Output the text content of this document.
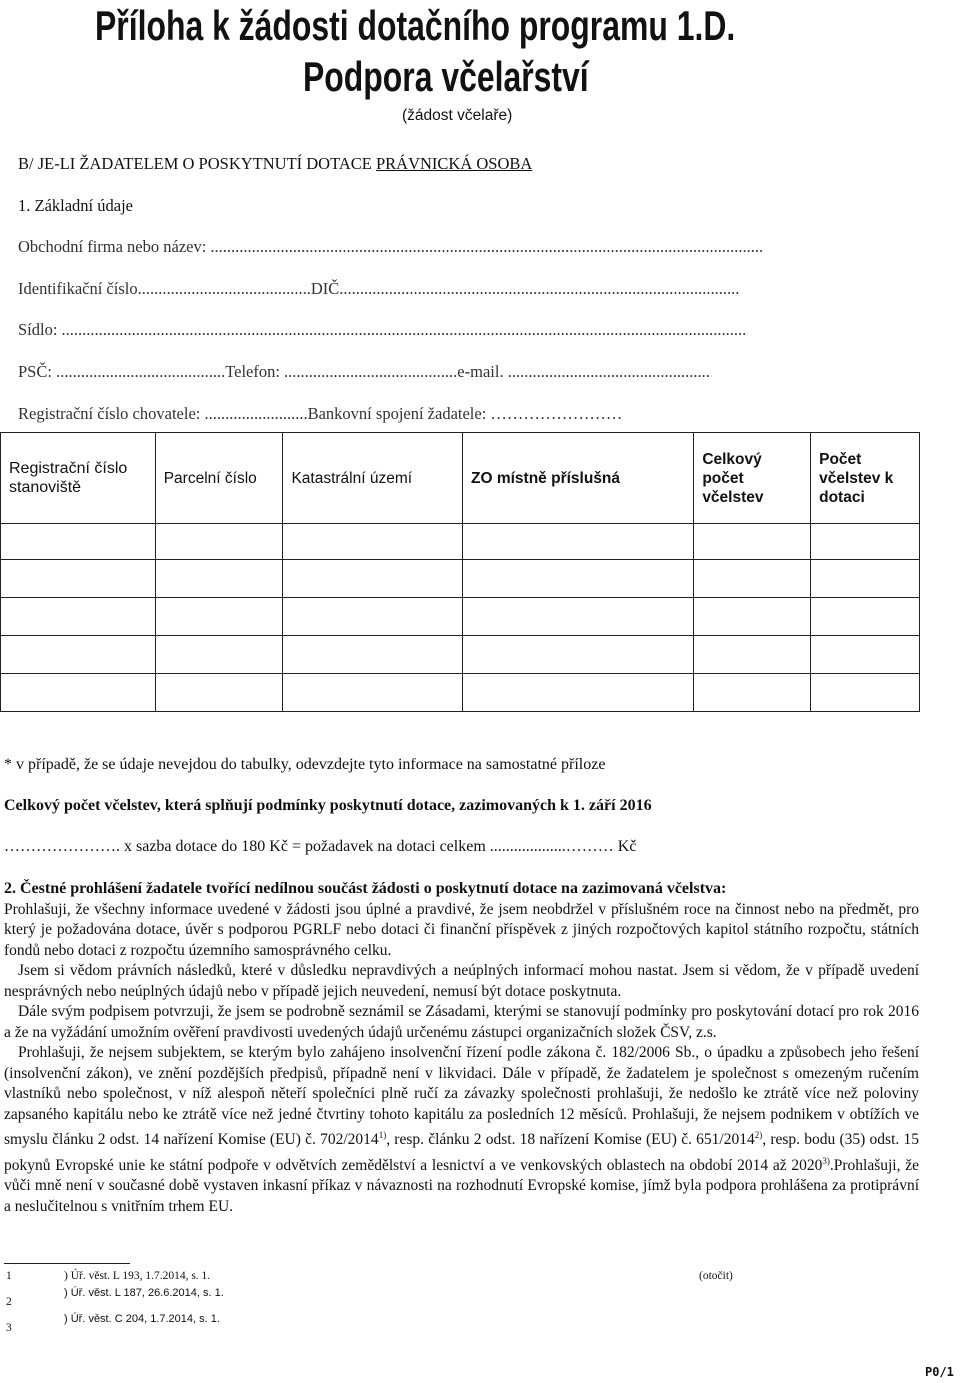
Příloha k žádosti dotačního programu 1.D.
Podpora včelařství
(žádost včelaře)
B/ JE-LI ŽADATELEM O POSKYTNUTÍ DOTACE PRÁVNICKÁ OSOBA
1. Základní údaje
Obchodní firma nebo název: ......................................................................................................................................
Identifikační číslo..........................................DIČ.................................................................................................
Sídlo: ......................................................................................................................................................................
PSČ: .........................................Telefon: ..........................................e-mail. .................................................
Registrační číslo chovatele: .........................Bankovní spojení žadatele: ……………………
Registrační číslo stanoviště	Parcelní číslo	Katastrální území	ZO místně příslušná	Celkový počet včelstev	Počet včelstev k dotaci

* v případě, že se údaje nevejdou do tabulky, odevzdejte tyto informace na samostatné příloze
Celkový počet včelstev, která splňují podmínky poskytnutí dotace, zazimovaných k 1. září 2016
…………………. x sazba dotace do 180 Kč = požadavek na dotaci celkem ...................……… Kč

2. Čestné prohlášení žadatele tvořící nedílnou součást žádosti o poskytnutí dotace na zazimovaná včelstva:

Prohlašuji, že všechny informace uvedené v žádosti jsou úplné a pravdivé, že jsem neobdržel v příslušném roce na činnost nebo na předmět, pro který je požadována dotace, úvěr s podporou PGRLF nebo dotaci či finanční příspěvek z jiných rozpočtových kapitol státního rozpočtu, státních fondů nebo dotaci z rozpočtu územního samosprávného celku.

Jsem si vědom právních následků, které v důsledku nepravdivých a neúplných informací mohou nastat. Jsem si vědom, že v případě uvedení nesprávných nebo neúplných údajů nebo v případě jejich neuvedení, nemusí být dotace poskytnuta.

Dále svým podpisem potvrzuji, že jsem se podrobně seznámil se Zásadami, kterými se stanovují podmínky pro poskytování dotací pro rok 2016 a že na vyžádání umožním ověření pravdivosti uvedených údajů určenému zástupci organizačních složek ČSV, z.s.

Prohlašuji, že nejsem subjektem, se kterým bylo zahájeno insolvenční řízení podle zákona č. 182/2006 Sb., o úpadku a způsobech jeho řešení (insolvenční zákon), ve znění pozdějších předpisů, případně není v likvidaci. Dále v případě, že žadatelem je společnost s omezeným ručením vlastníků nebo společnost, v níž alespoň něteří společníci plně ručí za závazky společnosti prohlašuji, že nedošlo ke ztrátě více než poloviny zapsaného kapitálu nebo ke ztrátě více než jedné čtvrtiny tohoto kapitálu za posledních 12 měsíců. Prohlašuji, že nejsem podnikem v obtížích ve smyslu článku 2 odst. 14 nařízení Komise (EU) č. 702/2014$^{1)}$, resp. článku 2 odst. 18 nařízení Komise (EU) č. 651/2014$^{2)}$, resp. bodu (35) odst. 15 pokynů Evropské unie ke státní podpoře v odvětvích zemědělství a lesnictví a ve venkovských oblastech na období 2014 až 2020$^{3)}$.Prohlašuji, že vůči mně není v současné době vystaven inkasní příkaz v návaznosti na rozhodnutí Evropské komise, jímž byla podpora prohlášena za protiprávní a neslučitelnou s vnitřním trhem EU.

1	) Úř. věst. L 193, 1.7.2014, s. 1.
2
) Úř. věst. L 187, 26.6.2014, s. 1.
3
) Úř. věst. C 204, 1.7.2014, s. 1.
(otočit)
P0/1
